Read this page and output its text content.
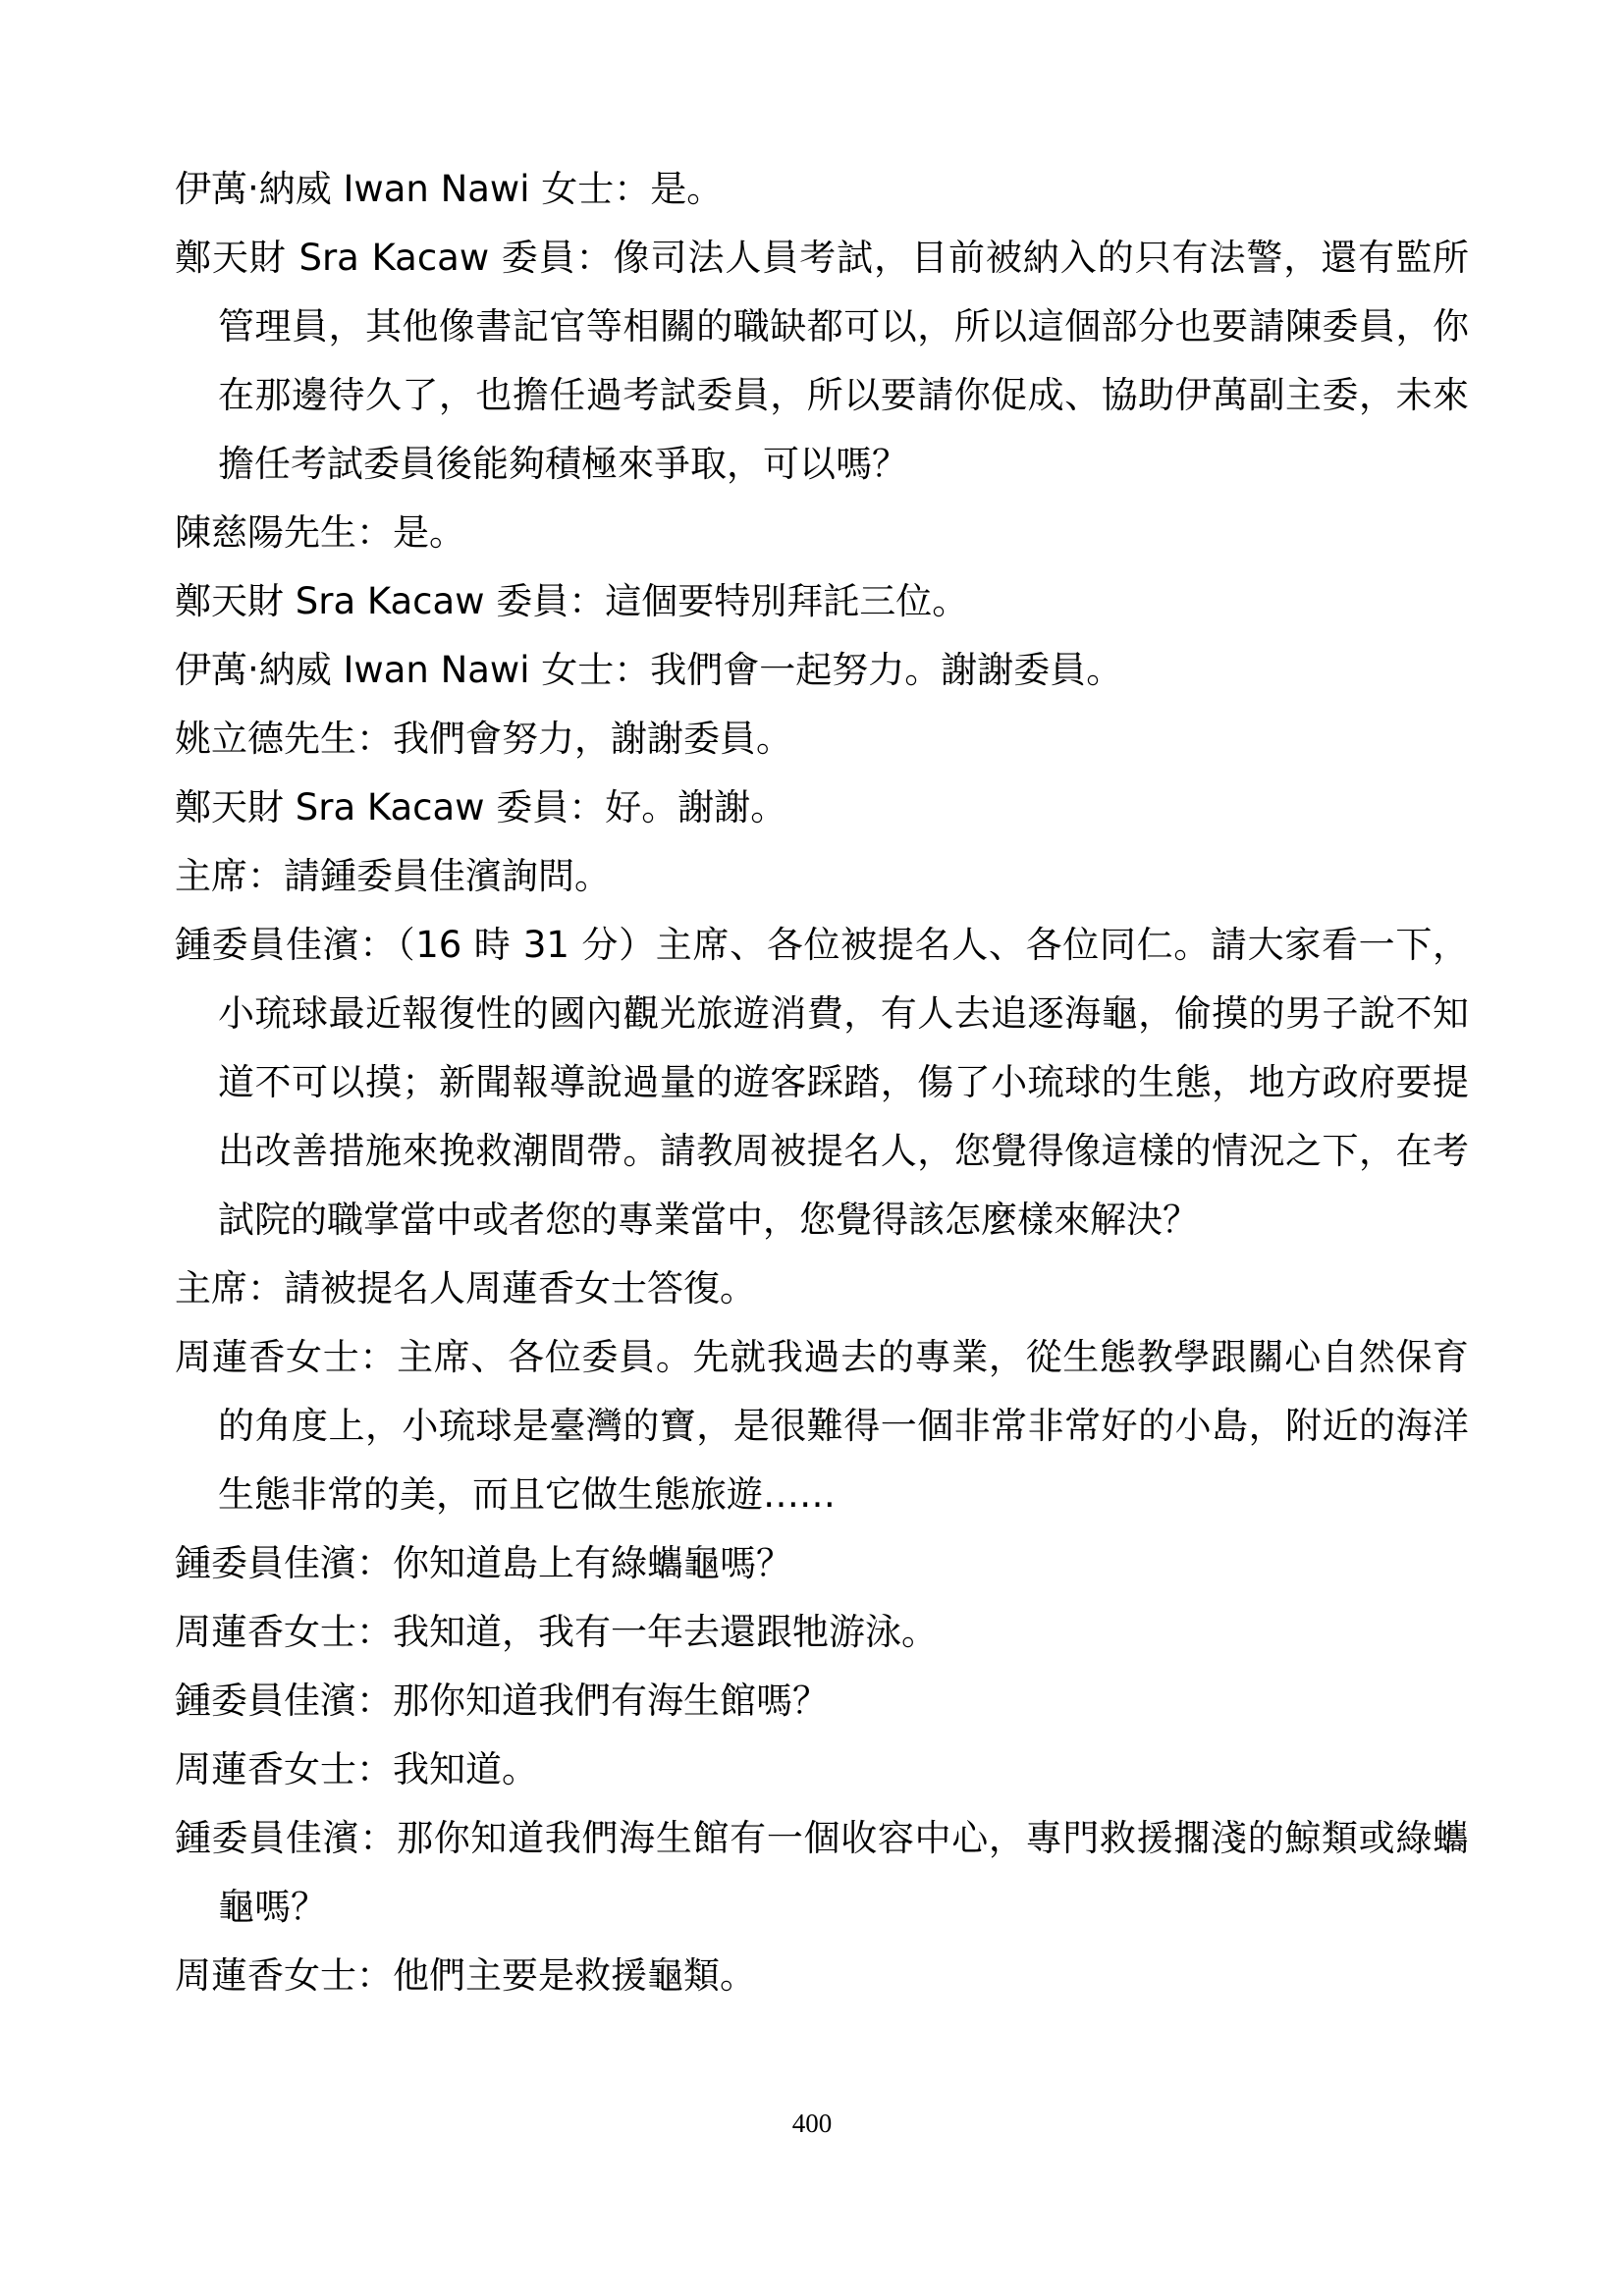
伊萬‧納威 Iwan Nawi 女士：是。

鄭天財 Sra Kacaw 委員：像司法人員考試，目前被納入的只有法警，還有監所管理員，其他像書記官等相關的職缺都可以，所以這個部分也要請陳委員，你在那邊待久了，也擔任過考試委員，所以要請你促成、協助伊萬副主委，未來擔任考試委員後能夠積極來爭取，可以嗎？

陳慈陽先生：是。

鄭天財 Sra Kacaw 委員：這個要特別拜託三位。

伊萬‧納威 Iwan Nawi 女士：我們會一起努力。謝謝委員。

姚立德先生：我們會努力，謝謝委員。

鄭天財 Sra Kacaw 委員：好。謝謝。

主席：請鍾委員佳濱詢問。

鍾委員佳濱：（16 時 31 分）主席、各位被提名人、各位同仁。請大家看一下，小琉球最近報復性的國內觀光旅遊消費，有人去追逐海龜，偷摸的男子說不知道不可以摸；新聞報導說過量的遊客踩踏，傷了小琉球的生態，地方政府要提出改善措施來挽救潮間帶。請教周被提名人，您覺得像這樣的情況之下，在考試院的職掌當中或者您的專業當中，您覺得該怎麼樣來解決？

主席：請被提名人周蓮香女士答復。

周蓮香女士：主席、各位委員。先就我過去的專業，從生態教學跟關心自然保育的角度上，小琉球是臺灣的寶，是很難得一個非常非常好的小島，附近的海洋生態非常的美，而且它做生態旅遊……

鍾委員佳濱：你知道島上有綠蠵龜嗎？

周蓮香女士：我知道，我有一年去還跟牠游泳。

鍾委員佳濱：那你知道我們有海生館嗎？

周蓮香女士：我知道。

鍾委員佳濱：那你知道我們海生館有一個收容中心，專門救援擱淺的鯨類或綠蠵龜嗎？

周蓮香女士：他們主要是救援龜類。

400
